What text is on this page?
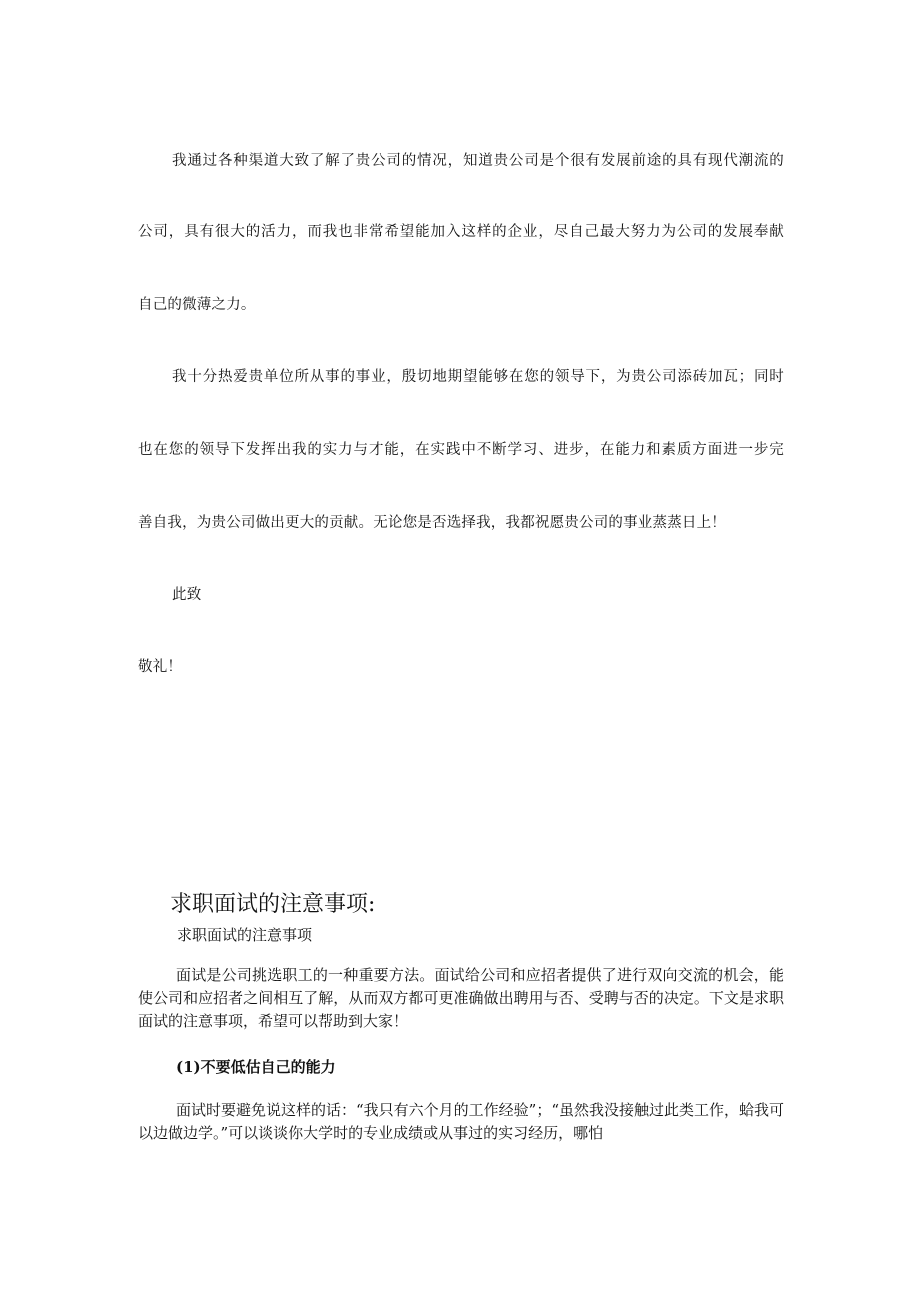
我通过各种渠道大致了解了贵公司的情况，知道贵公司是个很有发展前途的具有现代潮流的
公司，具有很大的活力，而我也非常希望能加入这样的企业，尽自己最大努力为公司的发展奉献
自己的微薄之力。
我十分热爱贵单位所从事的事业，殷切地期望能够在您的领导下，为贵公司添砖加瓦；同时
也在您的领导下发挥出我的实力与才能，在实践中不断学习、进步，在能力和素质方面进一步完
善自我，为贵公司做出更大的贡献。无论您是否选择我，我都祝愿贵公司的事业蒸蒸日上！
此致
敬礼！
求职面试的注意事项:
求职面试的注意事项
面试是公司挑选职工的一种重要方法。面试给公司和应招者提供了进行双向交流的机会，能使公司和应招者之间相互了解，从而双方都可更准确做出聘用与否、受聘与否的决定。下文是求职面试的注意事项，希望可以帮助到大家！
(1)不要低估自己的能力
面试时要避免说这样的话：“我只有六个月的工作经验”；“虽然我没接触过此类工作，蛤我可以边做边学。”可以谈谈你大学时的专业成绩或从事过的实习经历，哪怕
